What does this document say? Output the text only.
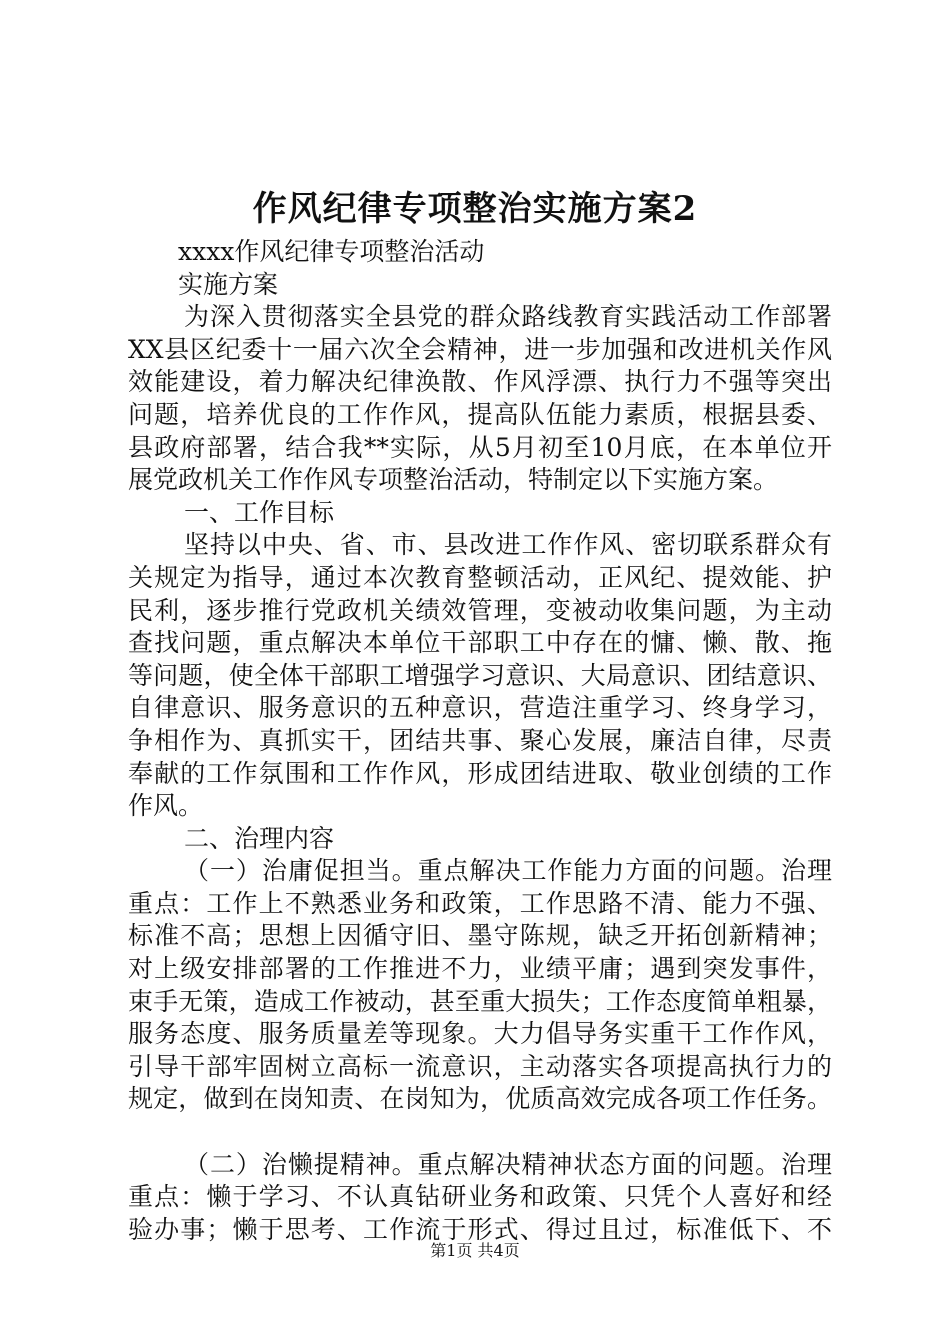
作风纪律专项整治实施方案2
xxxx作风纪律专项整治活动
实施方案
为深入贯彻落实全县党的群众路线教育实践活动工作部署
XX县区纪委十一届六次全会精神，进一步加强和改进机关作风
效能建设，着力解决纪律涣散、作风浮漂、执行力不强等突出
问题，培养优良的工作作风，提高队伍能力素质，根据县委、
县政府部署，结合我**实际，从5月初至10月底，在本单位开
展党政机关工作作风专项整治活动，特制定以下实施方案。
一、工作目标
坚持以中央、省、市、县改进工作作风、密切联系群众有
关规定为指导，通过本次教育整顿活动，正风纪、提效能、护
民利，逐步推行党政机关绩效管理，变被动收集问题，为主动
查找问题，重点解决本单位干部职工中存在的慵、懒、散、拖
等问题，使全体干部职工增强学习意识、大局意识、团结意识、
自律意识、服务意识的五种意识，营造注重学习、终身学习，
争相作为、真抓实干，团结共事、聚心发展，廉洁自律，尽责
奉献的工作氛围和工作作风，形成团结进取、敬业创绩的工作
作风。
二、治理内容
（一）治庸促担当。重点解决工作能力方面的问题。治理
重点：工作上不熟悉业务和政策，工作思路不清、能力不强、
标准不高；思想上因循守旧、墨守陈规，缺乏开拓创新精神；
对上级安排部署的工作推进不力，业绩平庸；遇到突发事件，
束手无策，造成工作被动，甚至重大损失；工作态度简单粗暴，
服务态度、服务质量差等现象。大力倡导务实重干工作作风，
引导干部牢固树立高标一流意识，主动落实各项提高执行力的
规定，做到在岗知责、在岗知为，优质高效完成各项工作任务。
（二）治懒提精神。重点解决精神状态方面的问题。治理
重点：懒于学习、不认真钻研业务和政策、只凭个人喜好和经
验办事；懒于思考、工作流于形式、得过且过，标准低下、不
第1页 共4页
